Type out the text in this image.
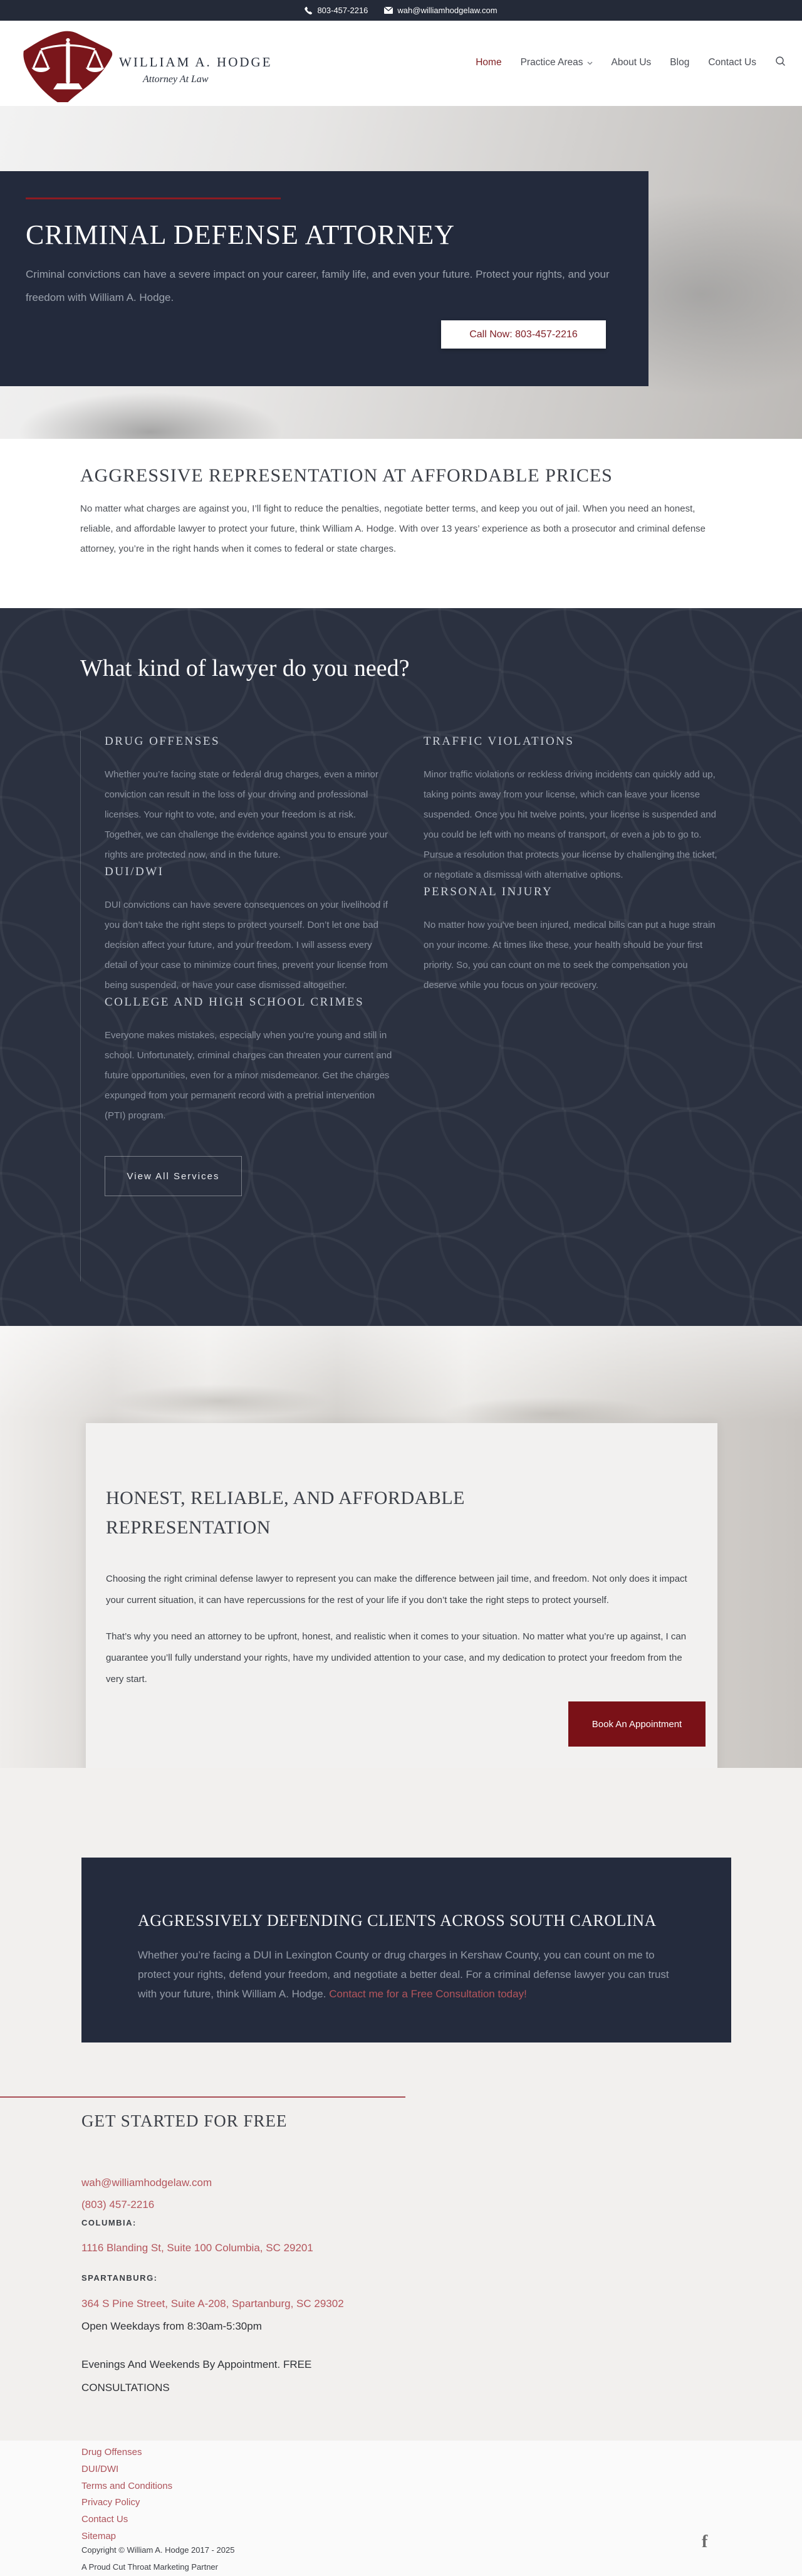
803-457-2216	wah@williamhodgelaw.com
WILLIAM A. HODGE
Attorney At Law
Home Practice Areas	About Us Blog Contact Us
CRIMINAL DEFENSE ATTORNEY
Criminal convictions can have a severe impact on your career, family life, and even your future. Protect your rights, and your freedom with William A. Hodge.
Call Now: 803-457-2216
AGGRESSIVE REPRESENTATION AT AFFORDABLE PRICES

No matter what charges are against you, I’ll fight to reduce the penalties, negotiate better terms, and keep you out of jail. When you need an honest, reliable, and affordable lawyer to protect your future, think William A. Hodge. With over 13 years’ experience as both a prosecutor and criminal defense attorney, you’re in the right hands when it comes to federal or state charges.

What kind of lawyer do you need?
DRUG OFFENSES

Whether you’re facing state or federal drug charges, even a minor conviction can result in the loss of your driving and professional licenses. Your right to vote, and even your freedom is at risk. Together, we can challenge the evidence against you to ensure your rights are protected now, and in the future.

DUI/DWI

DUI convictions can have severe consequences on your livelihood if you don’t take the right steps to protect yourself. Don’t let one bad decision affect your future, and your freedom. I will assess every detail of your case to minimize court fines, prevent your license from being suspended, or have your case dismissed altogether.

COLLEGE AND HIGH SCHOOL CRIMES

Everyone makes mistakes, especially when you’re young and still in school. Unfortunately, criminal charges can threaten your current and future opportunities, even for a minor misdemeanor. Get the charges expunged from your permanent record with a pretrial intervention (PTI) program.

View All Services
TRAFFIC VIOLATIONS

Minor traffic violations or reckless driving incidents can quickly add up, taking points away from your license, which can leave your license suspended. Once you hit twelve points, your license is suspended and you could be left with no means of transport, or even a job to go to. Pursue a resolution that protects your license by challenging the ticket, or negotiate a dismissal with alternative options.

PERSONAL INJURY

No matter how you've been injured, medical bills can put a huge strain on your income. At times like these, your health should be your first priority. So, you can count on me to seek the compensation you deserve while you focus on your recovery.

HONEST, RELIABLE, AND AFFORDABLE REPRESENTATION

Choosing the right criminal defense lawyer to represent you can make the difference between jail time, and freedom. Not only does it impact your current situation, it can have repercussions for the rest of your life if you don’t take the right steps to protect yourself.

That’s why you need an attorney to be upfront, honest, and realistic when it comes to your situation. No matter what you’re up against, I can guarantee you’ll fully understand your rights, have my undivided attention to your case, and my dedication to protect your freedom from the very start.

Book An Appointment
AGGRESSIVELY DEFENDING CLIENTS ACROSS SOUTH CAROLINA

Whether you’re facing a DUI in Lexington County or drug charges in Kershaw County, you can count on me to protect your rights, defend your freedom, and negotiate a better deal. For a criminal defense lawyer you can trust with your future, think William A. Hodge. Contact me for a Free Consultation today!

GET STARTED FOR FREE
wah@williamhodgelaw.com
(803) 457-2216
COLUMBIA:
1116 Blanding St, Suite 100 Columbia, SC 29201
SPARTANBURG:
364 S Pine Street, Suite A-208, Spartanburg, SC 29302
Open Weekdays from 8:30am-5:30pm
Evenings And Weekends By Appointment. FREE CONSULTATIONS
Drug Offenses
DUI/DWI
Terms and Conditions
Privacy Policy
Contact Us
Sitemap
Copyright © William A. Hodge 2017 - 2025
A Proud Cut Throat Marketing Partner
f
